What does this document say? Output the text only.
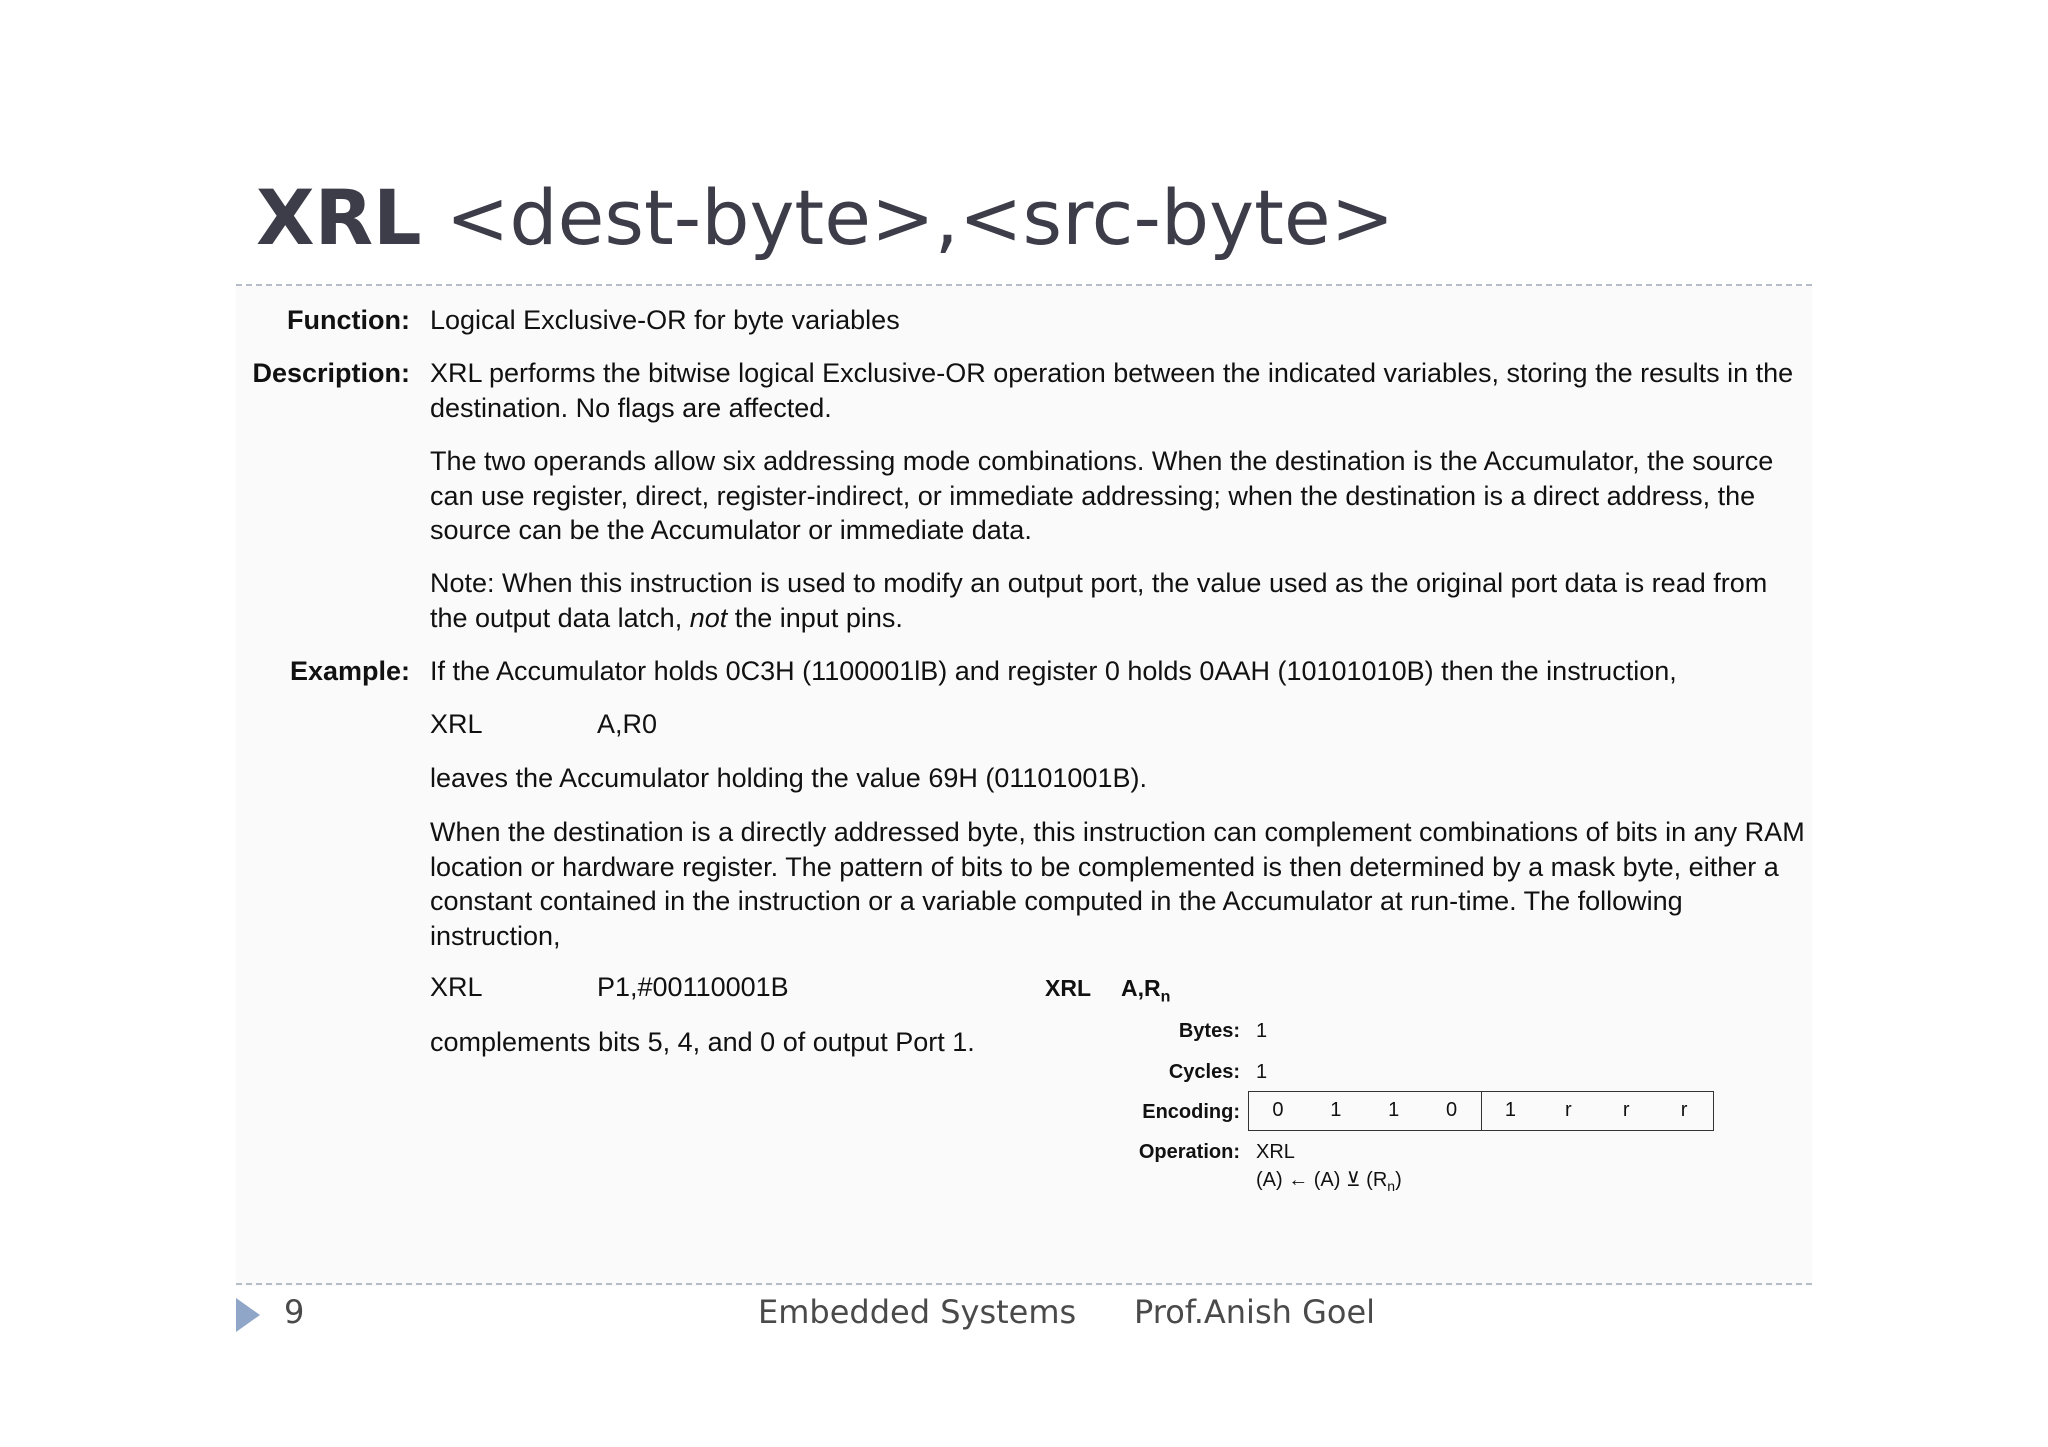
XRL <dest-byte>,<src-byte>
Function: Logical Exclusive-OR for byte variables
Description: XRL performs the bitwise logical Exclusive-OR operation between the indicated variables, storing the results in the destination. No flags are affected.
The two operands allow six addressing mode combinations. When the destination is the Accumulator, the source can use register, direct, register-indirect, or immediate addressing; when the destination is a direct address, the source can be the Accumulator or immediate data.
Note: When this instruction is used to modify an output port, the value used as the original port data is read from the output data latch, not the input pins.
Example: If the Accumulator holds 0C3H (1100001lB) and register 0 holds 0AAH (10101010B) then the instruction,
XRL	A,R0
leaves the Accumulator holding the value 69H (01101001B).
When the destination is a directly addressed byte, this instruction can complement combinations of bits in any RAM location or hardware register. The pattern of bits to be complemented is then determined by a mask byte, either a constant contained in the instruction or a variable computed in the Accumulator at run-time. The following instruction,
XRL	P1,#00110001B
complements bits 5, 4, and 0 of output Port 1.
XRL $A,R_n$
Bytes: 1
Cycles: 1
Encoding:	0	1	1	0	1	r	r	r
Operation: XRL
(A) ← (A) ⊻ $(R_n)$
9	Embedded Systems Prof.Anish Goel
